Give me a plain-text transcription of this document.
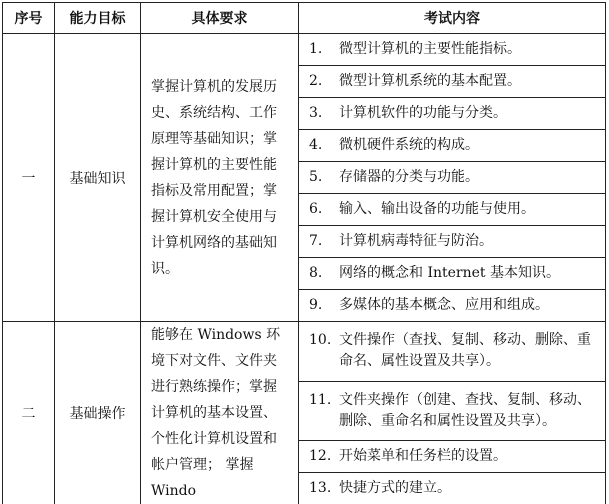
序号	能力目标	具体要求	考试内容
一	基础知识	掌握计算机的发展历史、系统结构、工作原理等基础知识；掌握计算机的主要性能指标及常用配置；掌握计算机安全使用与计算机网络的基础知识。	1. 微型计算机的主要性能指标。

			2. 微型计算机系统的基本配置。

			3. 计算机软件的功能与分类。

			4. 微机硬件系统的构成。

			5. 存储器的分类与功能。

			6. 输入、输出设备的功能与使用。

			7. 计算机病毒特征与防治。

			8. 网络的概念和 Internet 基本知识。

			9. 多媒体的基本概念、应用和组成。

二	基础操作	能够在 Windows 环境下对文件、文件夹进行熟练操作；掌握计算机的基本设置、个性化计算机设置和帐户管理； 掌握 Windo	10. 文件操作（查找、复制、移动、删除、重命名、属性设置及共享）。

			11. 文件夹操作（创建、查找、复制、移动、删除、重命名和属性设置及共享）。

			12. 开始菜单和任务栏的设置。

			13. 快捷方式的建立。
